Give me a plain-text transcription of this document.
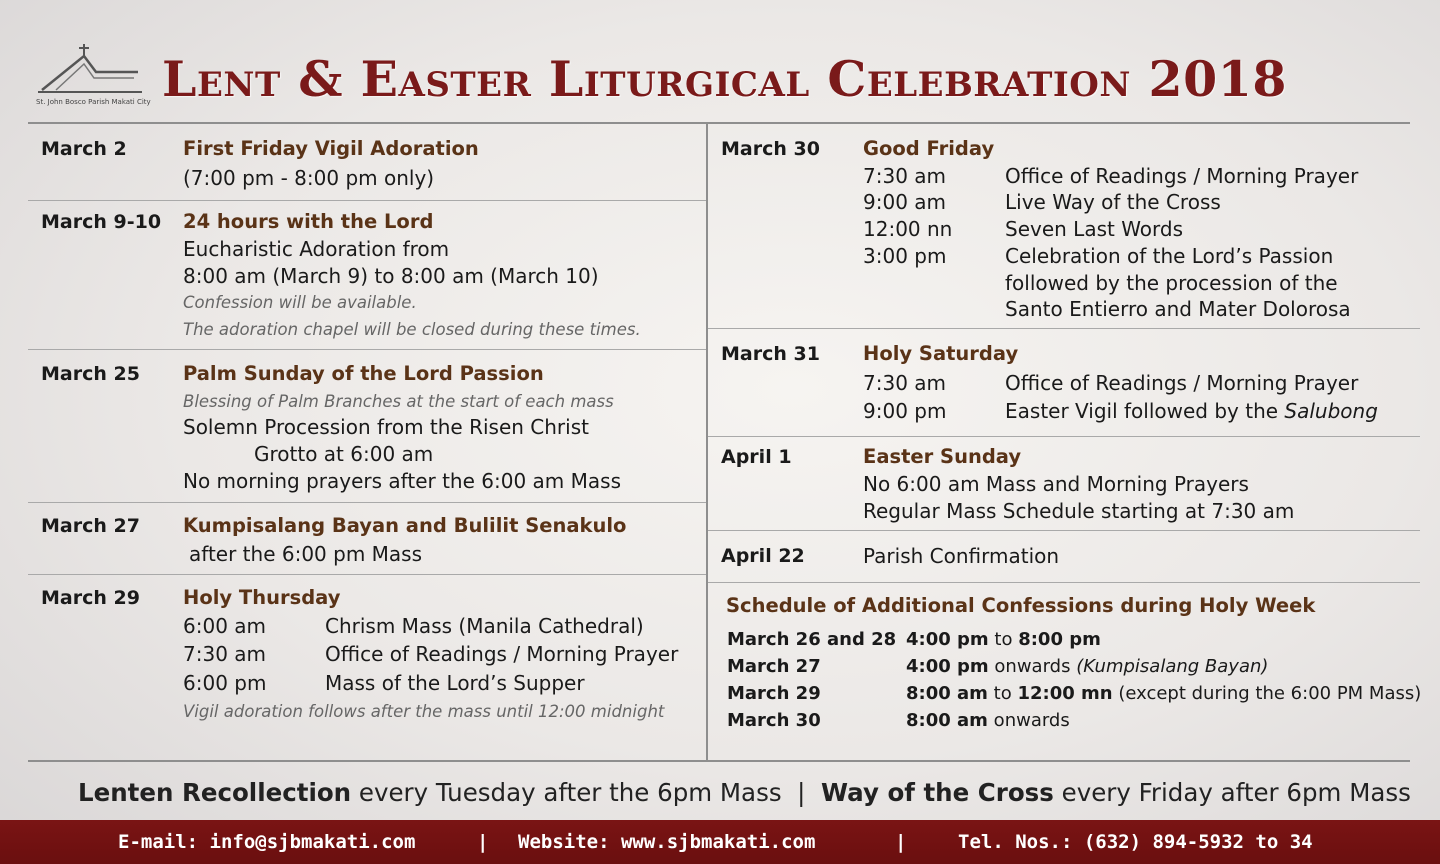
St. John Bosco Parish Makati City Lent & Easter Liturgical Celebration 2018
March 2	First Friday Vigil Adoration
(7:00 pm - 8:00 pm only)
March 9-10 24 hours with the Lord
Eucharistic Adoration from
8:00 am (March 9) to 8:00 am (March 10)
Confession will be available.
The adoration chapel will be closed during these times.
March 25 Palm Sunday of the Lord Passion
Blessing of Palm Branches at the start of each mass
Solemn Procession from the Risen Christ
Grotto at 6:00 am
No morning prayers after the 6:00 am Mass
March 27 Kumpisalang Bayan and Bulilit Senakulo
after the 6:00 pm Mass
March 29 Holy Thursday
6:00 am	Chrism Mass (Manila Cathedral)
7:30 am	Office of Readings / Morning Prayer
6:00 pm	Mass of the Lord’s Supper
Vigil adoration follows after the mass until 12:00 midnight
March 30 Good Friday
7:30 am	Office of Readings / Morning Prayer
9:00 am	Live Way of the Cross
12:00 nn	Seven Last Words
3:00 pm	Celebration of the Lord’s Passion
followed by the procession of the
Santo Entierro and Mater Dolorosa
March 31 Holy Saturday
7:30 am	Office of Readings / Morning Prayer
9:00 pm	Easter Vigil followed by the Salubong
April 1	Easter Sunday
No 6:00 am Mass and Morning Prayers
Regular Mass Schedule starting at 7:30 am
April 22	Parish Confirmation
Schedule of Additional Confessions during Holy Week
March 26 and 28 4:00 pm to 8:00 pm
March 27	4:00 pm onwards (Kumpisalang Bayan)
March 29	8:00 am to 12:00 mn (except during the 6:00 PM Mass)
March 30	8:00 am onwards
Lenten Recollection every Tuesday after the 6pm Mass  |  Way of the Cross every Friday after 6pm Mass
E-mail: info@sjbmakati.com	| Website: www.sjbmakati.com	|	Tel. Nos.: (632) 894-5932 to 34
